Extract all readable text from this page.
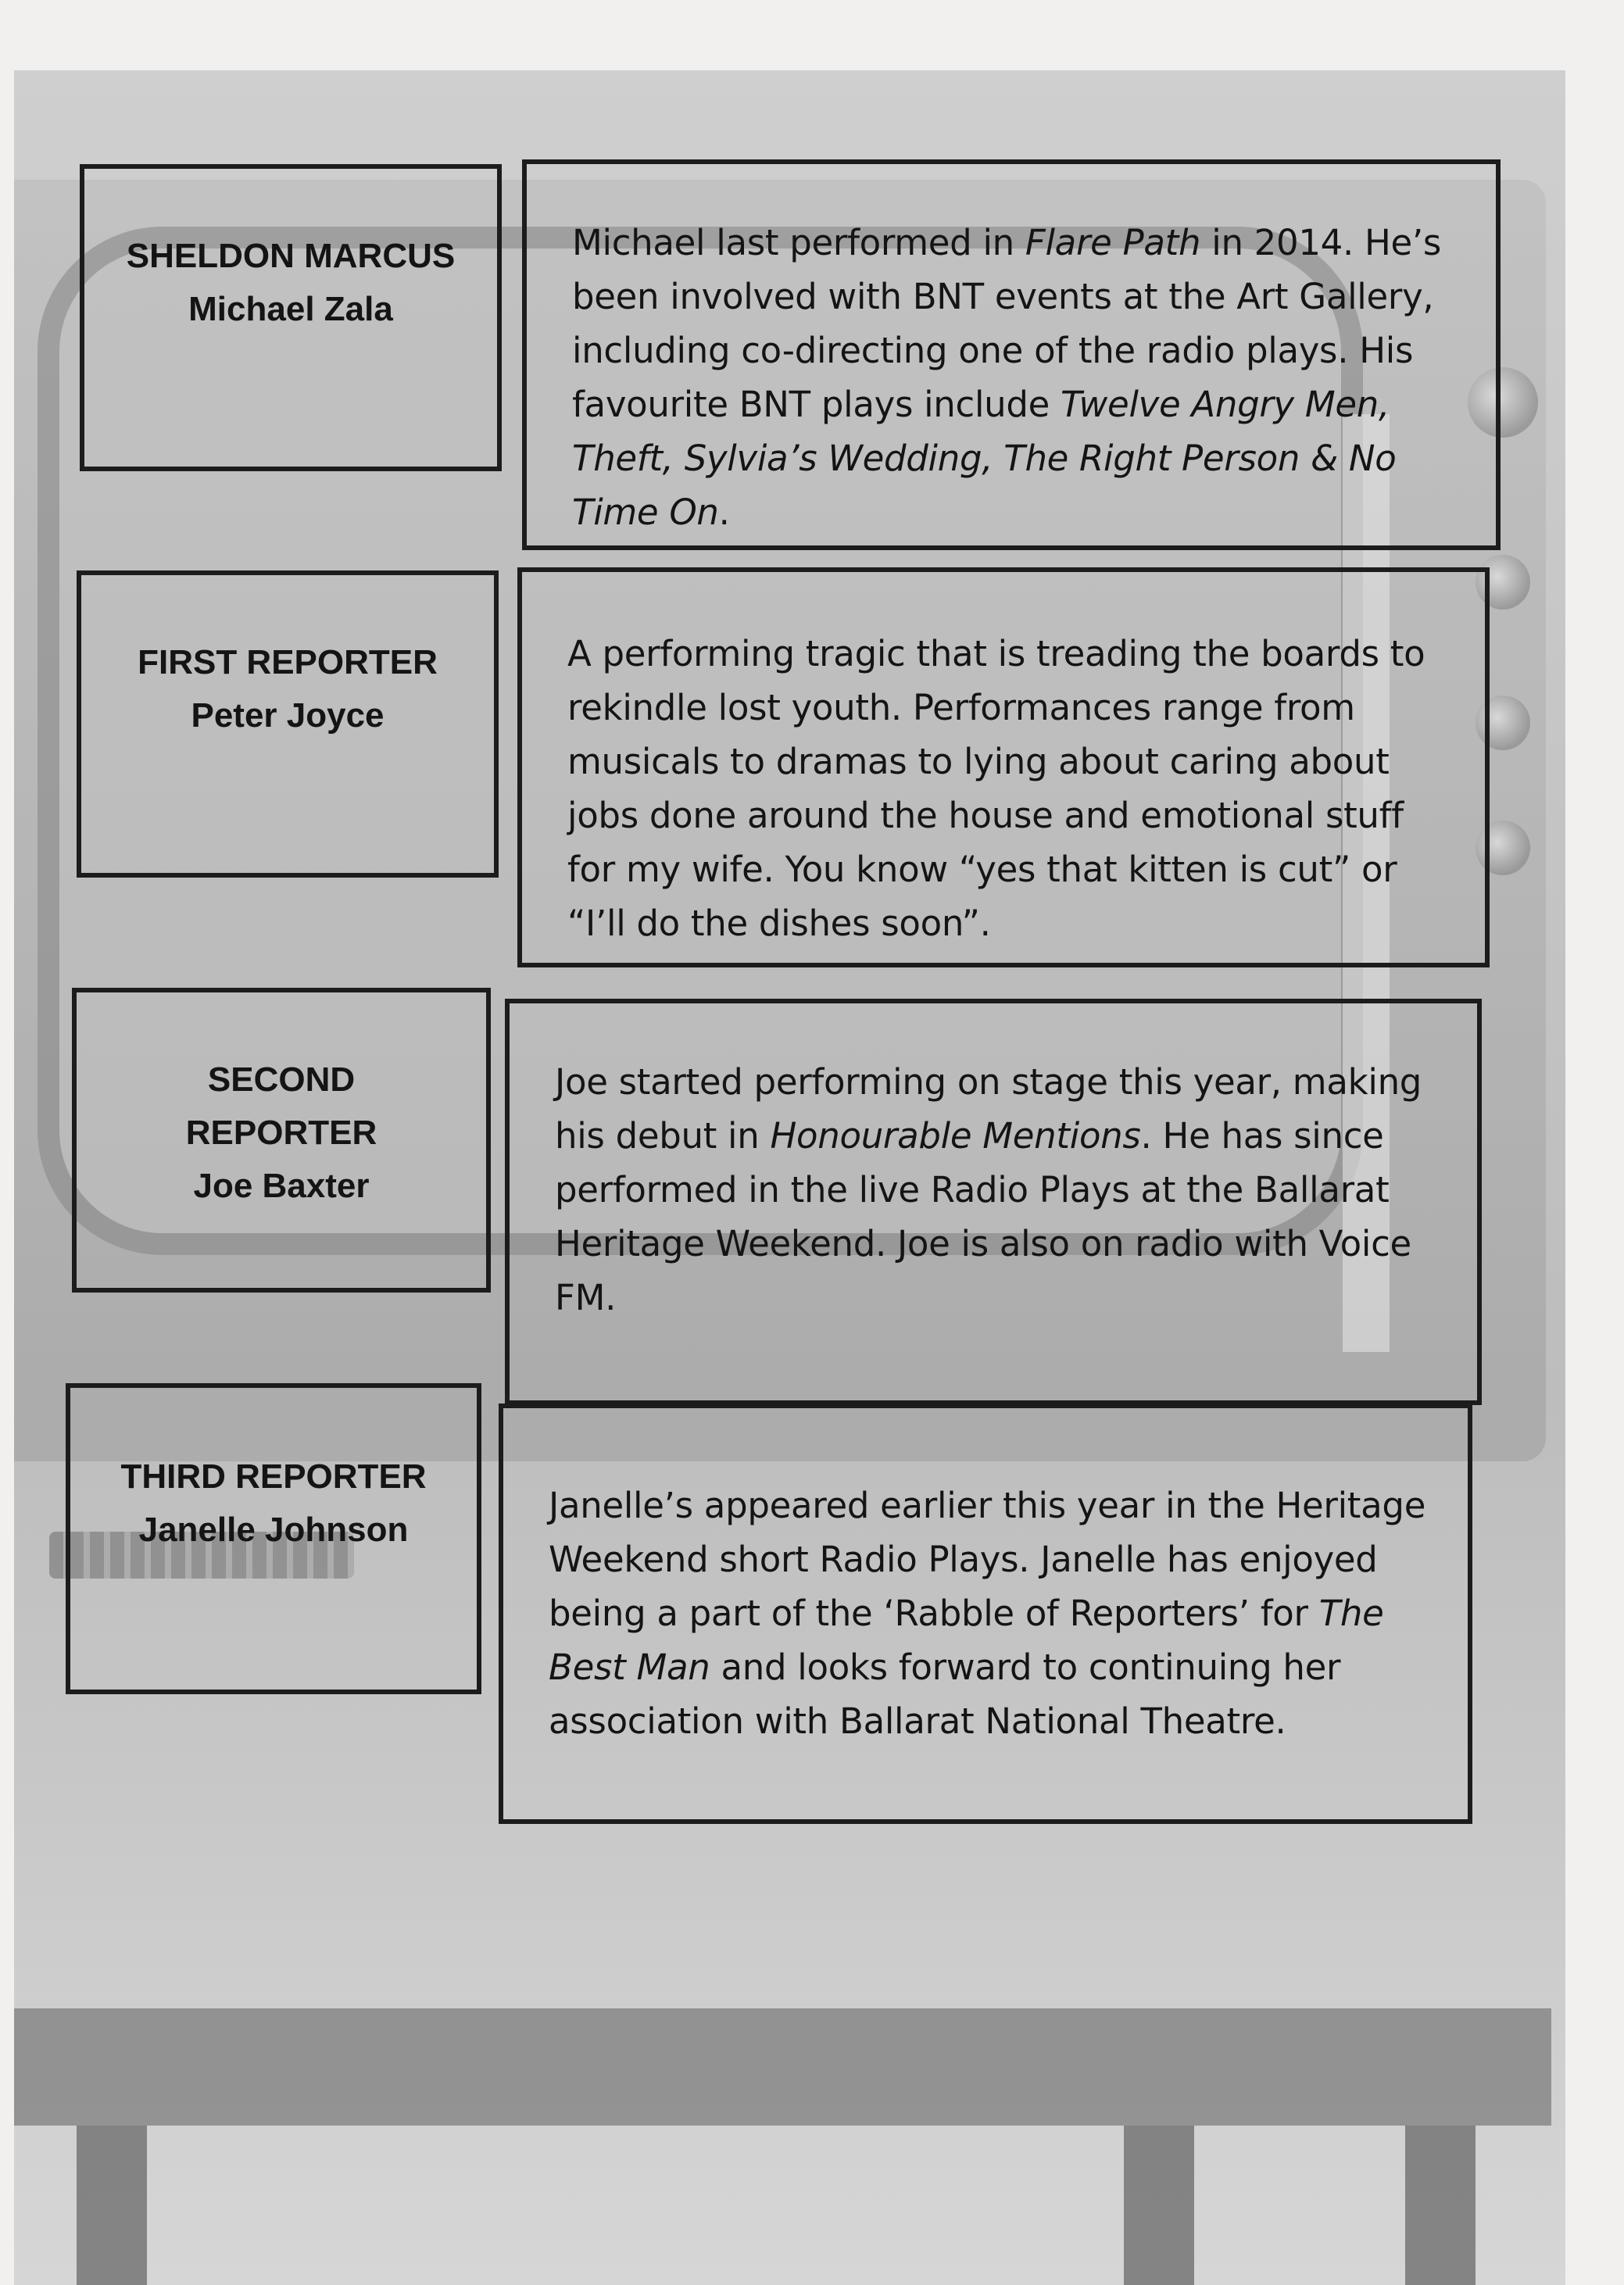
SHELDON MARCUS
Michael Zala
Michael last performed in Flare Path in 2014. He’s been involved with BNT events at the Art Gallery, including co-directing one of the radio plays. His favourite BNT plays include Twelve Angry Men, Theft, Sylvia’s Wedding, The Right Person & No Time On.
FIRST REPORTER
Peter Joyce
A performing tragic that is treading the boards to rekindle lost youth. Performances range from musicals to dramas to lying about caring about jobs done around the house and emotional stuff for my wife. You know “yes that kitten is cut” or “I’ll do the dishes soon”.
SECOND
REPORTER
Joe Baxter
Joe started performing on stage this year, making his debut in Honourable Mentions. He has since performed in the live Radio Plays at the Ballarat Heritage Weekend. Joe is also on radio with Voice FM.
THIRD REPORTER
Janelle Johnson
Janelle’s appeared earlier this year in the Heritage Weekend short Radio Plays. Janelle has enjoyed being a part of the ‘Rabble of Reporters’ for The Best Man and looks forward to continuing her association with Ballarat National Theatre.
